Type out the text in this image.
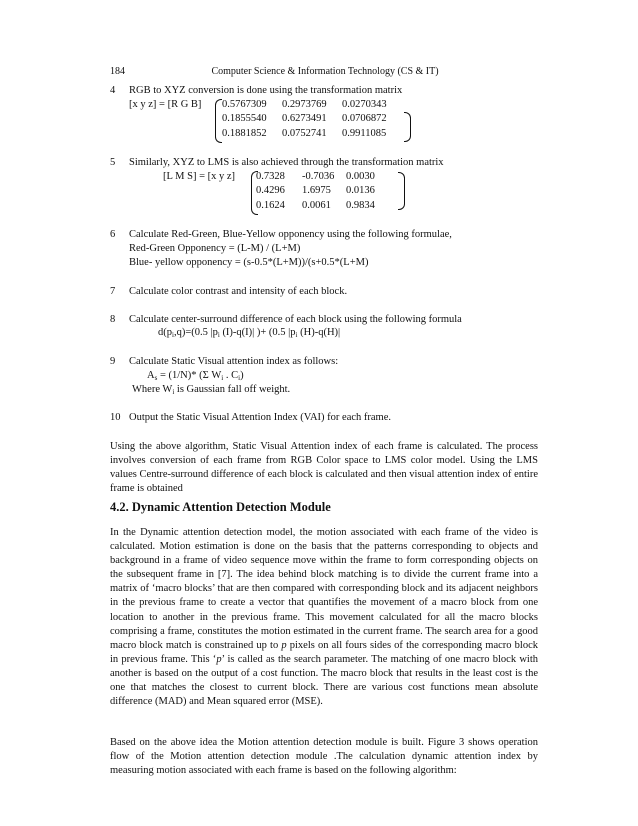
184	Computer Science & Information Technology (CS & IT)
4 RGB to XYZ conversion is done using the transformation matrix
[x y z] = [R G B] 0.5767309 0.2973769 0.0270343
0.1855540 0.6273491 0.0706872
0.1881852 0.0752741 0.9911085
5 Similarly, XYZ to LMS is also achieved through the transformation matrix
[L M S] = [x y z] 0.7328 -0.7036 0.0030
0.4296 1.6975 0.0136
0.1624 0.0061 0.9834
6 Calculate Red-Green, Blue-Yellow opponency using the following formulae,
Red-Green Opponency = (L-M) / (L+M)
Blue- yellow opponency = (s-0.5*(L+M))/(s+0.5*(L+M)
7 Calculate color contrast and intensity of each block.
8 Calculate center-surround difference of each block using the following formula
$d(p_i,q)=(0.5$ $|p_i$ (I)-q(I)| )+ (0.5 $|p_i$ (H)-q(H)|
9 Calculate Static Visual attention index as follows:
$A_s = (1/N)*$ (Σ $W_i$ . $C_i$)
Where $W_i$ is Gaussian fall off weight.
10 Output the Static Visual Attention Index (VAI) for each frame.
Using the above algorithm, Static Visual Attention index of each frame is calculated. The process involves conversion of each frame from RGB Color space to LMS color model. Using the LMS values Centre-surround difference of each block is calculated and then visual attention index of entire frame is obtained
4.2. Dynamic Attention Detection Module
In the Dynamic attention detection model, the motion associated with each frame of the video is calculated. Motion estimation is done on the basis that the patterns corresponding to objects and background in a frame of video sequence move within the frame to form corresponding objects on the subsequent frame in [7]. The idea behind block matching is to divide the current frame into a matrix of ‘macro blocks’ that are then compared with corresponding block and its adjacent neighbors in the previous frame to create a vector that quantifies the movement of a macro block from one location to another in the previous frame. This movement calculated for all the macro blocks comprising a frame, constitutes the motion estimated in the current frame. The search area for a good macro block match is constrained up to p pixels on all fours sides of the corresponding macro block in previous frame. This ‘p’ is called as the search parameter. The matching of one macro block with another is based on the output of a cost function. The macro block that results in the least cost is the one that matches the closest to current block. There are various cost functions mean absolute difference (MAD) and Mean squared error (MSE).
Based on the above idea the Motion attention detection module is built. Figure 3 shows operation flow of the Motion attention detection module .The calculation dynamic attention index by measuring motion associated with each frame is based on the following algorithm:
